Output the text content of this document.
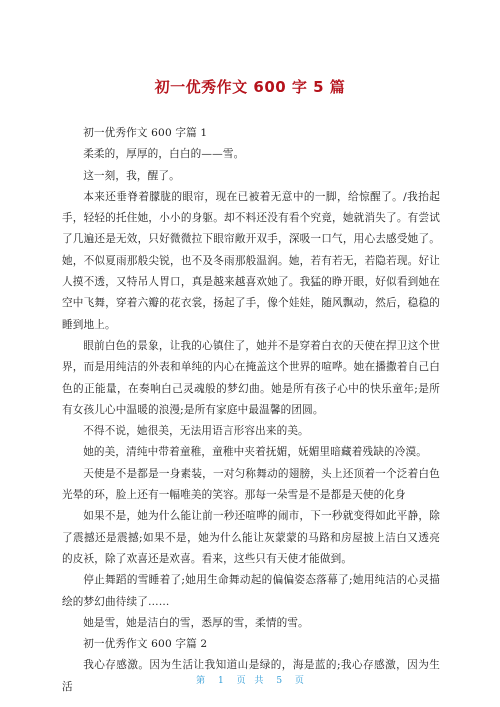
初一优秀作文 600 字 5 篇

初一优秀作文 600 字篇 1

柔柔的，厚厚的，白白的——雪。

这一刻，我，醒了。

本来还垂脊着朦胧的眼帘，现在已被着无意中的一脚，给惊醒了。/我抬起手，轻轻的托住她，小小的身躯。却不料还没有看个究竟，她就消失了。有尝试了几遍还是无效，只好微微拉下眼帘敞开双手，深吸一口气，用心去感受她了。她，不似夏雨那般尖锐，也不及冬雨那般温润。她，若有若无，若隐若现。好让人摸不透，又特吊人胃口，真是越来越喜欢她了。我猛的睁开眼，好似看到她在空中飞舞，穿着六瓣的花衣裳，扬起了手，像个娃娃，随风飘动，然后，稳稳的睡到地上。

眼前白色的景象，让我的心镇住了，她并不是穿着白衣的天使在捍卫这个世界，而是用纯洁的外表和单纯的内心在掩盖这个世界的喧哗。她在播撒着自己白色的正能量，在奏响白己灵魂般的梦幻曲。她是所有孩子心中的快乐童年;是所有女孩儿心中温暖的浪漫;是所有家庭中最温馨的团圆。

不得不说，她很美，无法用语言形容出来的美。

她的美，清纯中带着童稚，童稚中夹着抚媚，妩媚里暗藏着残缺的冷漠。

天使是不是都是一身素装，一对匀称舞动的翅膀，头上还顶着一个泛着白色光晕的环，脸上还有一幅唯美的笑容。那每一朵雪是不是都是天使的化身

如果不是，她为什么能让前一秒还喧哗的闹市，下一秒就变得如此平静，除了震撼还是震撼;如果不是，她为什么能让灰蒙蒙的马路和房屋披上洁白又透亮的皮袄，除了欢喜还是欢喜。看来，这些只有天使才能做到。

停止舞蹈的雪睡着了;她用生命舞动起的偏偏姿态落幕了;她用纯洁的心灵描绘的梦幻曲待续了……

她是雪，她是洁白的雪，悉厚的雪，柔情的雪。

初一优秀作文 600 字篇 2

我心存感激。因为生活让我知道山是绿的，海是蓝的;我心存感激，因为生活	第 1 页 共 5 页
